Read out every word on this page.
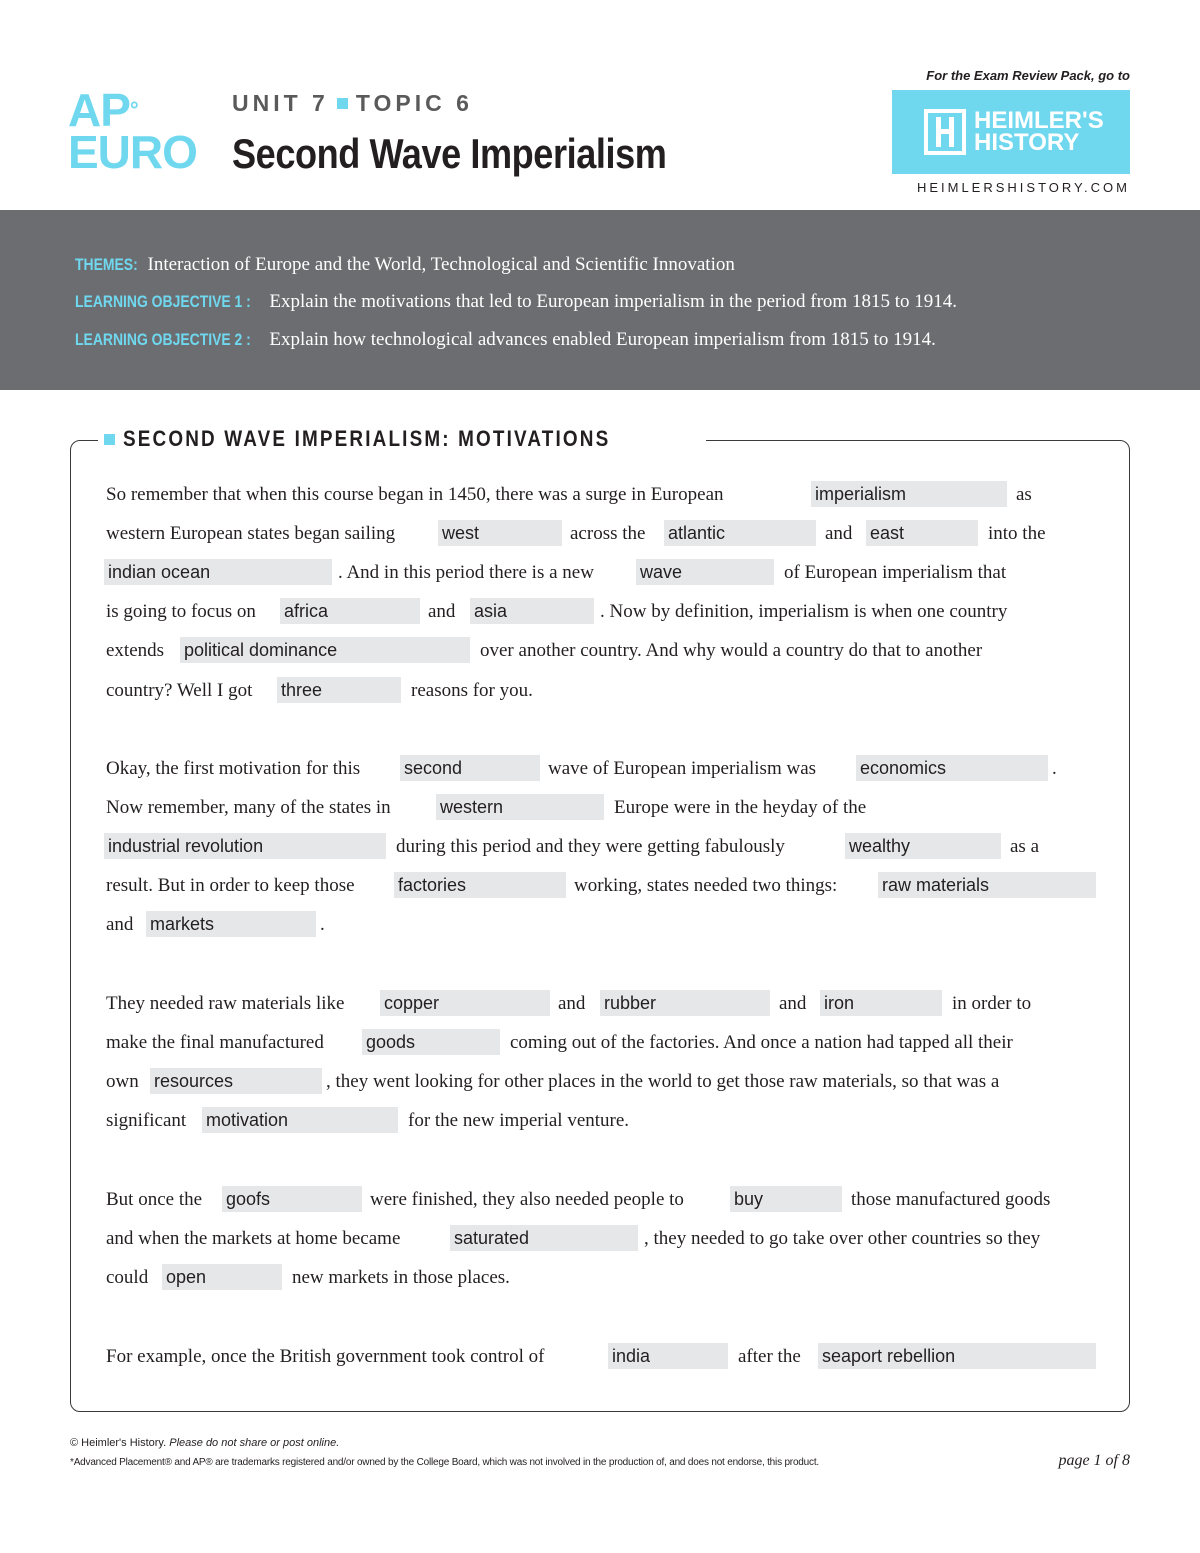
AP°
EURO
UNIT 7 TOPIC 6
Second Wave Imperialism
For the Exam Review Pack, go to
HEIMLER'S
HISTORY
HEIMLERSHISTORY.COM
THEMES: Interaction of Europe and the World, Technological and Scientific Innovation
LEARNING OBJECTIVE 1 : Explain the motivations that led to European imperialism in the period from 1815 to 1914.
LEARNING OBJECTIVE 2 : Explain how technological advances enabled European imperialism from 1815 to 1914.
SECOND WAVE IMPERIALISM: MOTIVATIONS
So remember that when this course began in 1450, there was a surge in European	imperialism	as
western European states began sailing	west	across the atlantic	and east	into the
indian ocean	. And in this period there is a new	wave	of European imperialism that
is going to focus on africa	and asia	. Now by definition, imperialism is when one country
extends political dominance	over another country. And why would a country do that to another
country? Well I got three	reasons for you.
Okay, the first motivation for this second	wave of European imperialism was economics	.
Now remember, many of the states in	western	Europe were in the heyday of the
industrial revolution	during this period and they were getting fabulously	wealthy	as a
result. But in order to keep those factories	working, states needed two things: raw materials
and markets	.
They needed raw materials like copper	and rubber	and iron	in order to
make the final manufactured goods	coming out of the factories. And once a nation had tapped all their
own resources	, they went looking for other places in the world to get those raw materials, so that was a
significant motivation	for the new imperial venture.
But once the goofs	were finished, they also needed people to	buy	those manufactured goods
and when the markets at home became	saturated	, they needed to go take over other countries so they
could open	new markets in those places.
For example, once the British government took control of	india	after the seaport rebellion
© Heimler's History. Please do not share or post online.
*Advanced Placement® and AP® are trademarks registered and/or owned by the College Board, which was not involved in the production of, and does not endorse, this product.	page 1 of 8
